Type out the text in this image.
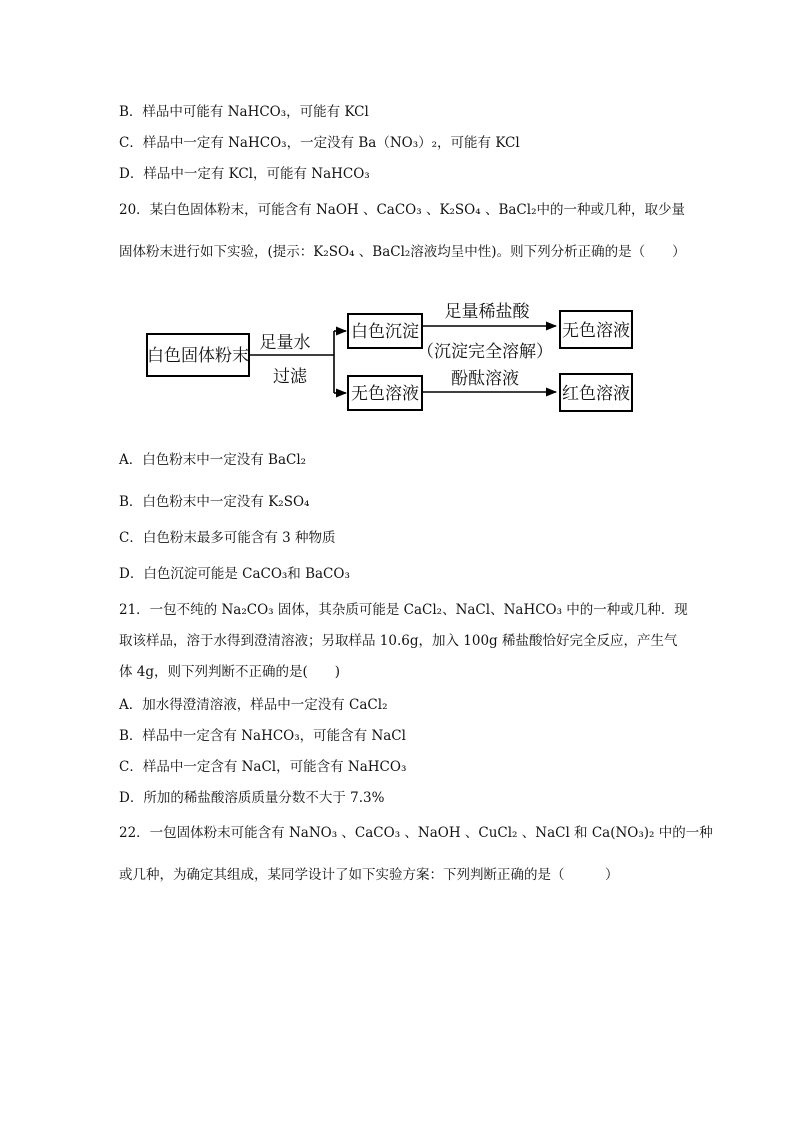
B．样品中可能有 NaHCO₃，可能有 KCl
C．样品中一定有 NaHCO₃，一定没有 Ba（NO₃）₂，可能有 KCl
D．样品中一定有 KCl，可能有 NaHCO₃
20．某白色固体粉末，可能含有 NaOH 、CaCO₃ 、K₂SO₄ 、BaCl₂中的一种或几种，取少量
固体粉末进行如下实验，(提示：K₂SO₄ 、BaCl₂溶液均呈中性)。则下列分析正确的是（　　）
白色固体粉末
足量水
过滤
白色沉淀
无色溶液
足量稀盐酸
（沉淀完全溶解）
酚酞溶液
无色溶液
红色溶液
A．白色粉末中一定没有 BaCl₂
B．白色粉末中一定没有 K₂SO₄
C．白色粉末最多可能含有 3 种物质
D．白色沉淀可能是 CaCO₃和 BaCO₃
21．一包不纯的 Na₂CO₃ 固体，其杂质可能是 CaCl₂、NaCl、NaHCO₃ 中的一种或几种．现
取该样品，溶于水得到澄清溶液；另取样品 10.6g，加入 100g 稀盐酸恰好完全反应，产生气
体 4g，则下列判断不正确的是(　　)
A．加水得澄清溶液，样品中一定没有 CaCl₂
B．样品中一定含有 NaHCO₃，可能含有 NaCl
C．样品中一定含有 NaCl，可能含有 NaHCO₃
D．所加的稀盐酸溶质质量分数不大于 7.3%
22．一包固体粉末可能含有 NaNO₃ 、CaCO₃ 、NaOH 、CuCl₂ 、NaCl 和 Ca(NO₃)₂ 中的一种
或几种，为确定其组成，某同学设计了如下实验方案：下列判断正确的是（　　　）
